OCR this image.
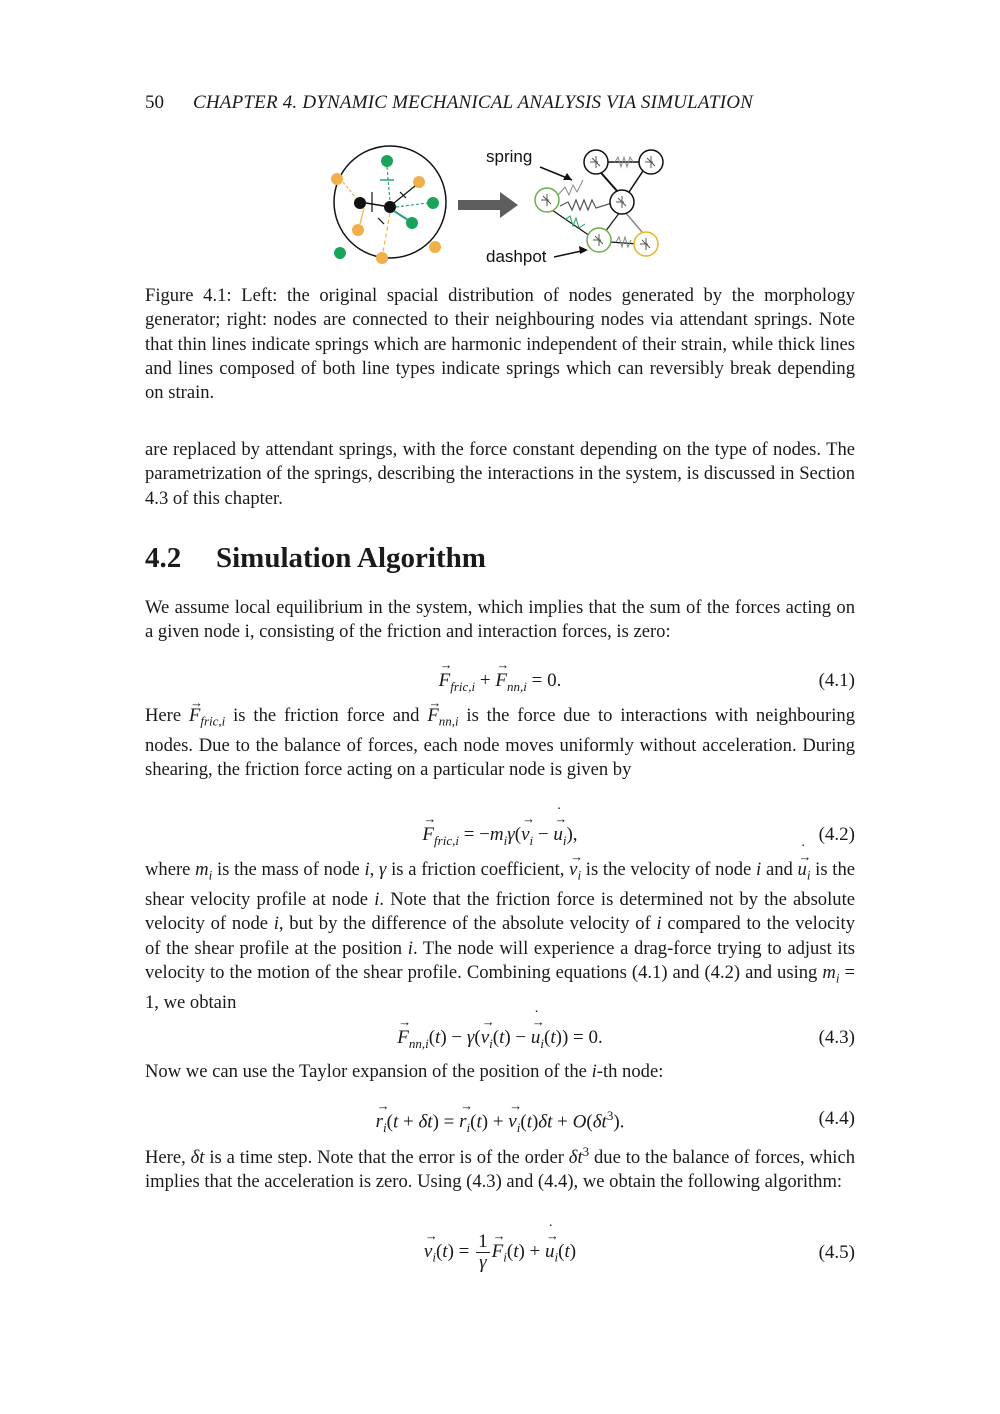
50	CHAPTER 4. DYNAMIC MECHANICAL ANALYSIS VIA SIMULATION
spring
dashpot
Figure 4.1: Left: the original spacial distribution of nodes generated by the morphology generator; right: nodes are connected to their neighbouring nodes via attendant springs. Note that thin lines indicate springs which are harmonic independent of their strain, while thick lines and lines composed of both line types indicate springs which can reversibly break depending on strain.
are replaced by attendant springs, with the force constant depending on the type of nodes. The parametrization of the springs, describing the interactions in the system, is discussed in Section 4.3 of this chapter.
4.2	Simulation Algorithm
We assume local equilibrium in the system, which implies that the sum of the forces acting on a given node i, consisting of the friction and interaction forces, is zero:
→ $F_{fric,i}$ + → $F_{nn,i} = 0$.	(4.1)
Here → $F_{fric,i}$ is the friction force and → $F_{nn,i}$ is the force due to interactions with neighbouring nodes. Due to the balance of forces, each node moves uniformly without acceleration. During shearing, the friction force acting on a particular node is given by
→ $F_{fric,i} = -m_i\gamma(\to v_i$ − → u $˙_i$),	(4.2)
where $m_i$ is the mass of node i, γ is a friction coefficient, → $v_i$ is the velocity of node i and → u $˙_i$ is the shear velocity profile at node i. Note that the friction force is determined not by the absolute velocity of node i, but by the difference of the absolute velocity of i compared to the velocity of the shear profile at the position i. The node will experience a drag-force trying to adjust its velocity to the motion of the shear profile. Combining equations (4.1) and (4.2) and using $m_i = 1$, we obtain
→ $F_{nn,i}(t) - \gamma(\to v_i(t)$ − → u $˙_i(t)) = 0$.	(4.3)
Now we can use the Taylor expansion of the position of the i-th node:
→ $r_i(t + \delta t)$ = → $r_i(t)$ + → $v_i(t)\delta t + O(\delta t^3)$.	(4.4)
Here, δt is a time step. Note that the error is of the order $\delta t^3$ due to the balance of forces, which implies that the acceleration is zero. Using (4.3) and (4.4), we obtain the following algorithm:
→ $v_i(t) = \frac{1}{\gamma}$
→ $F_i(t)$ + → u $˙_i(t)$	(4.5)
